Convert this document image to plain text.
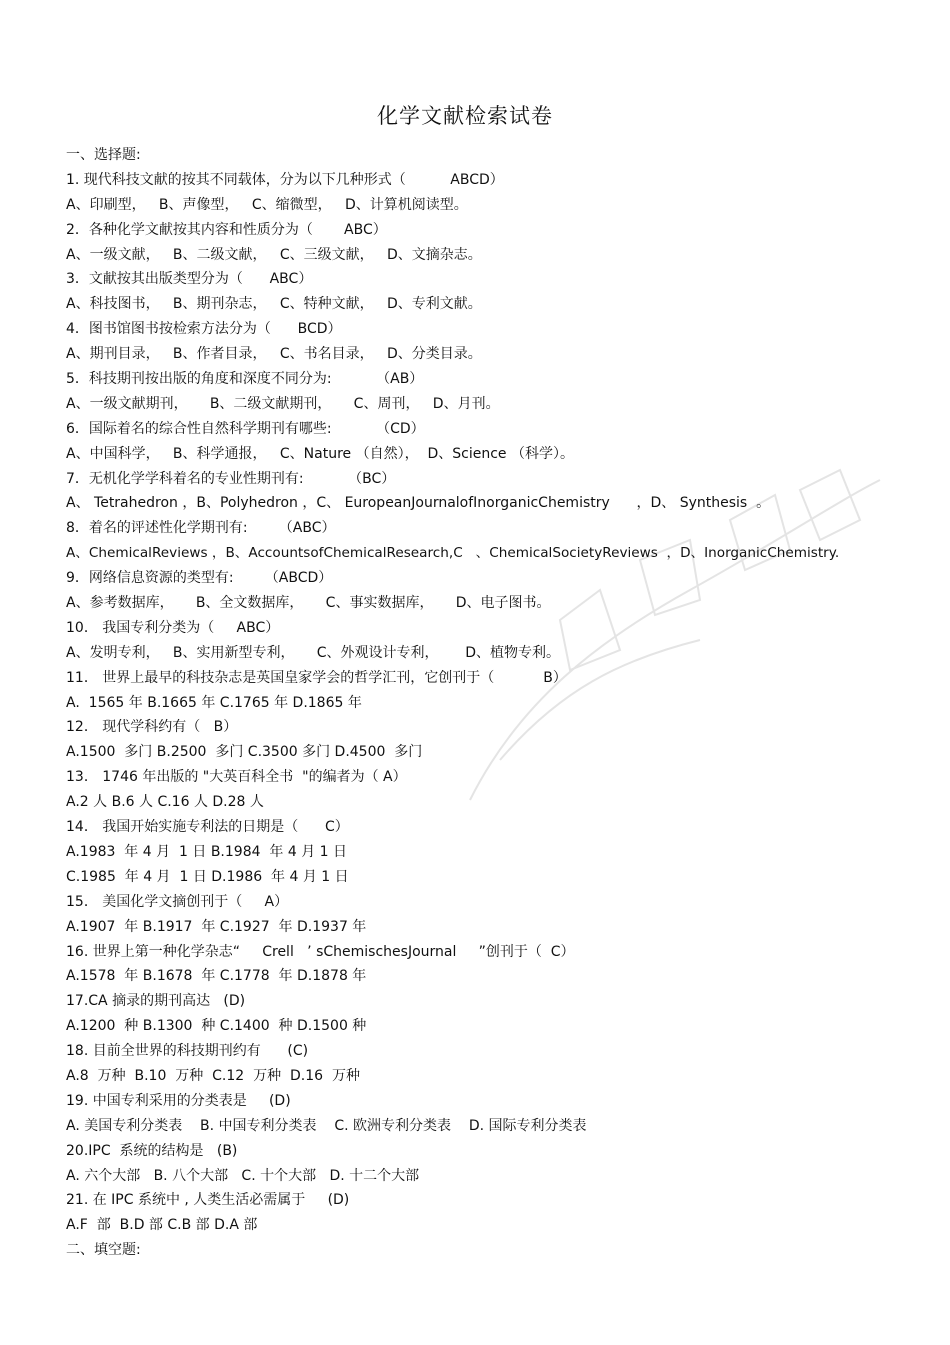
化学文献检索试卷
一、选择题:
1. 现代科技文献的按其不同载体，分为以下几种形式（          ABCD）
A、印刷型，   B、声像型，   C、缩微型，   D、计算机阅读型。
2．各种化学文献按其内容和性质分为（       ABC）
A、一级文献，   B、二级文献，   C、三级文献，   D、文摘杂志。
3．文献按其出版类型分为（      ABC）
A、科技图书，   B、期刊杂志，   C、特种文献，   D、专利文献。
4．图书馆图书按检索方法分为（      BCD）
A、期刊目录，   B、作者目录，   C、书名目录，   D、分类目录。
5．科技期刊按出版的角度和深度不同分为:          （AB）
A、一级文献期刊，     B、二级文献期刊，     C、周刊，   D、月刊。
6．国际着名的综合性自然科学期刊有哪些:          （CD）
A、中国科学，   B、科学通报，   C、Nature （自然），  D、Science （科学）。
7．无机化学学科着名的专业性期刊有:          （BC）
A、 Tetrahedron ，B、Polyhedron ，C、 EuropeanJournalofInorganicChemistry      ，D、 Synthesis  。
8．着名的评述性化学期刊有:       （ABC）
A、ChemicalReviews ，B、AccountsofChemicalResearch,C   、ChemicalSocietyReviews  ，D、InorganicChemistry.
9．网络信息资源的类型有:       （ABCD）
A、参考数据库，     B、全文数据库，     C、事实数据库，     D、电子图书。
10． 我国专利分类为（     ABC）
A、发明专利，   B、实用新型专利，     C、外观设计专利，      D、植物专利。
11． 世界上最早的科技杂志是英国皇家学会的哲学汇刊，它创刊于（           B）
A.  1565 年 B.1665 年 C.1765 年 D.1865 年
12． 现代学科约有（   B）
A.1500  多门 B.2500  多门 C.3500 多门 D.4500  多门
13． 1746 年出版的 "大英百科全书  "的编者为（ A）
A.2 人 B.6 人 C.16 人 D.28 人
14． 我国开始实施专利法的日期是（      C）
A.1983  年 4 月  1 日 B.1984  年 4 月 1 日
C.1985  年 4 月  1 日 D.1986  年 4 月 1 日
15． 美国化学文摘创刊于（     A）
A.1907  年 B.1917  年 C.1927  年 D.1937 年
16. 世界上第一种化学杂志“     Crell   ’ sChemischesJournal     ”创刊于（  C）
A.1578  年 B.1678  年 C.1778  年 D.1878 年
17.CA 摘录的期刊高达   (D)
A.1200  种 B.1300  种 C.1400  种 D.1500 种
18. 目前全世界的科技期刊约有      (C)
A.8  万种  B.10  万种  C.12  万种  D.16  万种
19. 中国专利采用的分类表是     (D)
A. 美国专利分类表    B. 中国专利分类表    C. 欧洲专利分类表    D. 国际专利分类表
20.IPC  系统的结构是   (B)
A. 六个大部   B. 八个大部   C. 十个大部   D. 十二个大部
21. 在 IPC 系统中 , 人类生活必需属于     (D)
A.F  部  B.D 部 C.B 部 D.A 部
二、填空题:
